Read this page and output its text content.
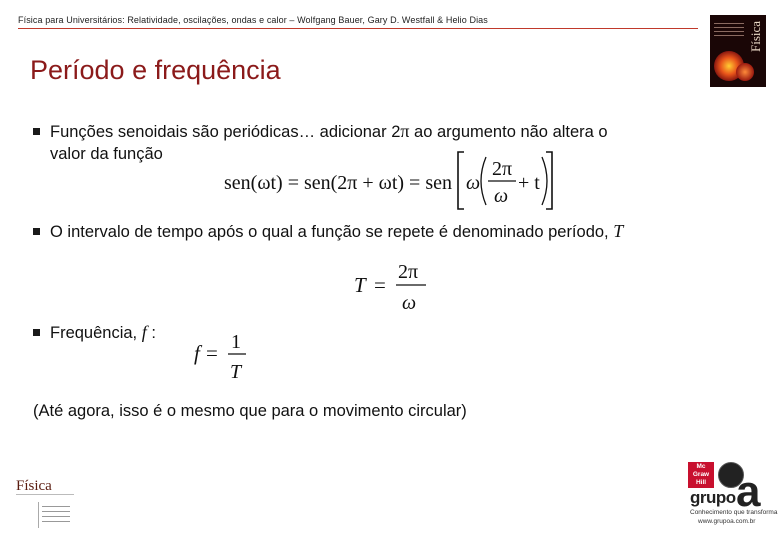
Física para Universitários: Relatividade, oscilações, ondas e calor – Wolfgang Bauer, Gary D. Westfall & Helio Dias
Física
Período e frequência
Funções senoidais são periódicas… adicionar 2π ao argumento não altera o
valor da função
sen(ωt) = sen(2π + ωt) = sen ω
2π
ω
+ t
O intervalo de tempo após o qual a função se repete é denominado período, T
T =
2π
ω
Frequência, f :
f = 1
T
(Até agora, isso é o mesmo que para o movimento circular)
Física
Mc Graw Hill
grupo a
Conhecimento que transforma
www.grupoa.com.br
